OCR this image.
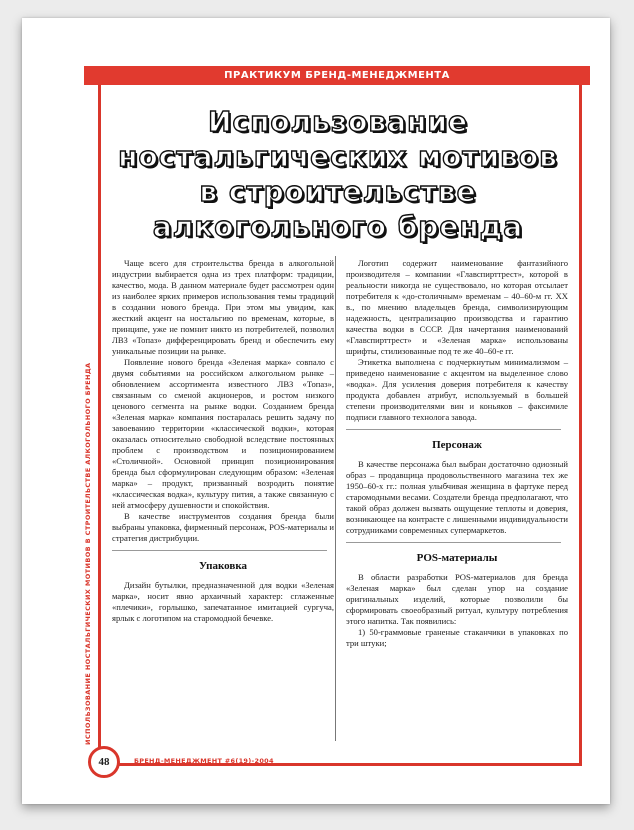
ПРАКТИКУМ БРЕНД-МЕНЕДЖМЕНТА
Использование
ностальгических мотивов
в строительстве
алкогольного бренда
ИСПОЛЬЗОВАНИЕ НОСТАЛЬГИЧЕСКИХ МОТИВОВ В СТРОИТЕЛЬСТВЕ АЛКОГОЛЬНОГО БРЕНДА

Чаще всего для строительства бренда в алкогольной индустрии выбирается одна из трех платформ: традиции, качество, мода. В данном материале будет рассмотрен один из наиболее ярких примеров использования темы традиций в создании нового бренда. При этом мы увидим, как жесткий акцент на ностальгию по временам, которые, в принципе, уже не помнит никто из потребителей, позволил ЛВЗ «Топаз» дифференцировать бренд и обеспечить ему уникальные позиции на рынке.

Появление нового бренда «Зеленая марка» совпало с двумя событиями на российском алкогольном рынке – обновлением ассортимента известного ЛВЗ «Топаз», связанным со сменой акционеров, и ростом низкого ценового сегмента на рынке водки. Созданием бренда «Зеленая марка» компания постаралась решить задачу по завоеванию территории «классической водки», которая оказалась относительно свободной вследствие постоянных проблем с производством и позиционированием «Столичной». Основной принцип позиционирования бренда был сформулирован следующим образом: «Зеленая марка» – продукт, призванный возродить понятие «классическая водка», культуру пития, а также связанную с ней атмосферу душевности и спокойствия.

В качестве инструментов создания бренда были выбраны упаковка, фирменный персонаж, POS-материалы и стратегия дистрибуции.

Упаковка

Дизайн бутылки, предназначенной для водки «Зеленая марка», носит явно архаичный характер: сглаженные «плечики», горлышко, запечатанное имитацией сургуча, ярлык с логотипом на старомодной бечевке.

Логотип содержит наименование фантазийного производителя – компании «Главспирттрест», которой в реальности никогда не существовало, но которая отсылает потребителя к «до-столичным» временам – 40–60-м гг. XX в., по мнению владельцев бренда, символизирующим надежность, централизацию производства и гарантию качества водки в СССР. Для начертания наименований «Главспирттрест» и «Зеленая марка» использованы шрифты, стилизованные под те же 40–60-е гг.

Этикетка выполнена с подчеркнутым минимализмом – приведено наименование с акцентом на выделенное слово «водка». Для усиления доверия потребителя к качеству продукта добавлен атрибут, используемый в большей степени производителями вин и коньяков – факсимиле подписи главного технолога завода.

Персонаж

В качестве персонажа был выбран достаточно одиозный образ – продавщица продовольственного магазина тех же 1950–60-х гг.: полная улыбчивая женщина в фартуке перед старомодными весами. Создатели бренда предполагают, что такой образ должен вызвать ощущение теплоты и доверия, возникающее на контрасте с лишенными индивидуальности сотрудниками современных супермаркетов.

POS-материалы

В области разработки POS-материалов для бренда «Зеленая марка» был сделан упор на создание оригинальных изделий, которые позволили бы сформировать своеобразный ритуал, культуру потребления этого напитка. Так появились:

1) 50-граммовые граненые стаканчики в упаковках по три штуки;

48	БРЕНД-МЕНЕДЖМЕНТ #6(19)-2004
